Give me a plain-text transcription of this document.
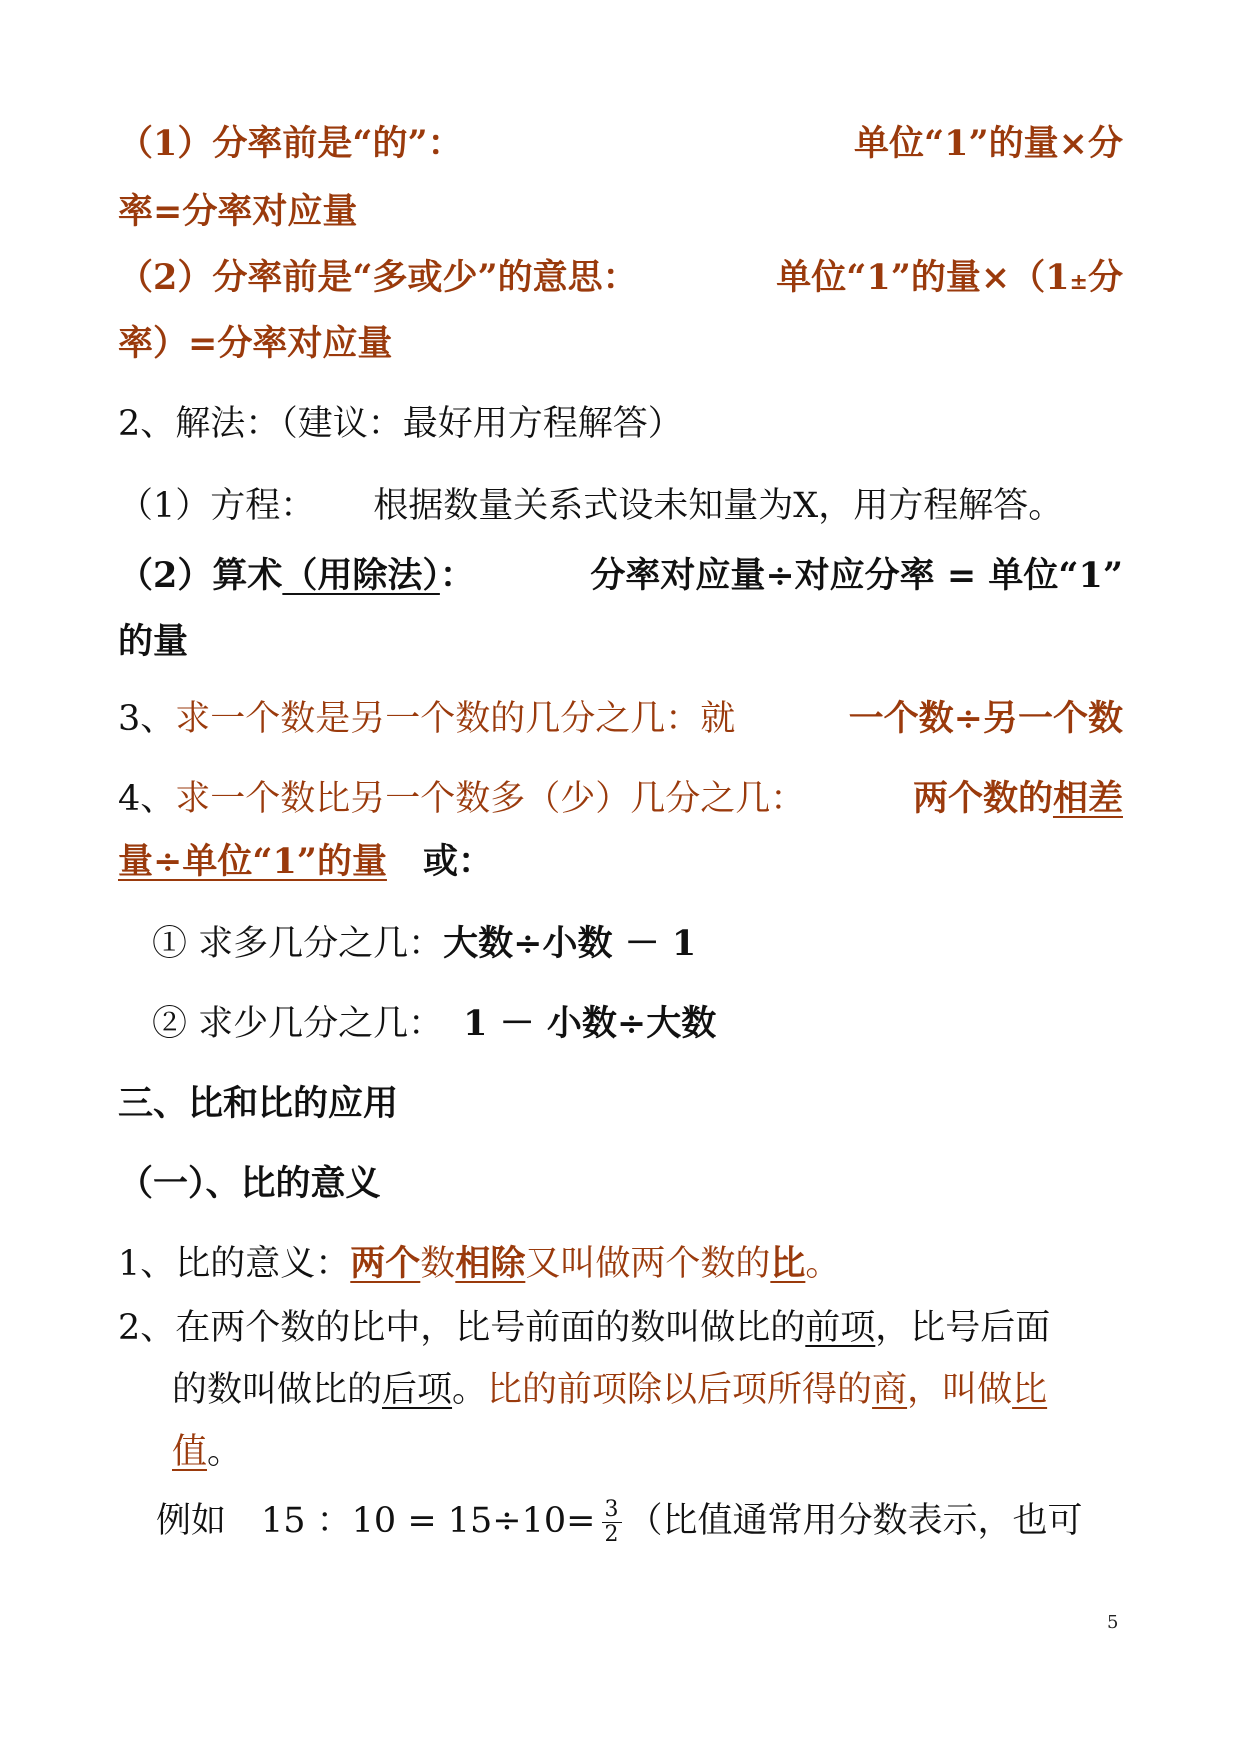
（1）分率前是“的”：	单位“1”的量×分
率=分率对应量
（2）分率前是“多或少”的意思：	单位“1”的量×（1±分
率）=分率对应量
2、解法：（建议：最好用方程解答）
（1）方程： 根据数量关系式设未知量为X，用方程解答。
（2）算术（用除法）：	分率对应量÷对应分率 = 单位“1”
的量
3、求一个数是另一个数的几分之几：就	一个数÷另一个数
4、求一个数比另一个数多（少）几分之几：	两个数的相差
量÷单位“1”的量 或：
① 求多几分之几：大数÷小数 － 1
② 求少几分之几： 1 － 小数÷大数
三、比和比的应用
（一）、比的意义
1、比的意义：两个数相除又叫做两个数的比。
2、在两个数的比中，比号前面的数叫做比的前项，比号后面
的数叫做比的后项。比的前项除以后项所得的商，叫做比
值。
例如　15 ：$10 = 15\div 10= \frac{3}{2}$ （比值通常用分数表示，也可
5
